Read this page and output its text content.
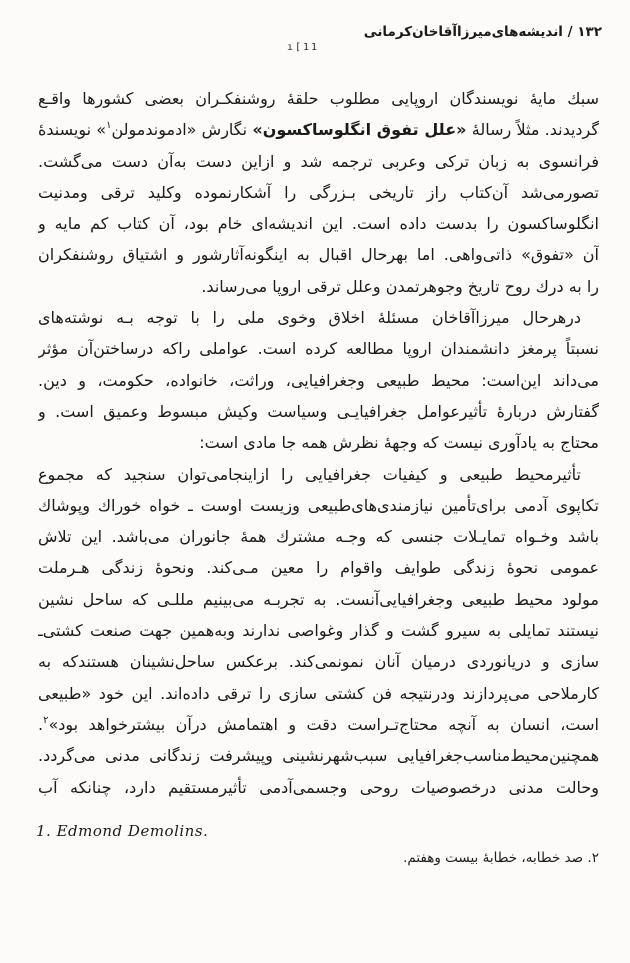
۱۳۲ / اندیشه‌های‌میرزاآقاخان‌کرمانی
ı[11
سبك مایۀ نویسندگان اروپایی مطلوب حلقۀ روشنفکـران بعضی کشورها واقـع
گردیدند. مثلاً رسالۀ «علل تفوق انگلوساکسون» نگارش «ادموندمولن$^۱$» نویسندۀ
فرانسوی به زبان ترکی وعربی ترجمه شد و ازاین دست به‌آن دست می‌گشت.
تصورمی‌شد آن‌کتاب راز تاریخی بـزرگی را آشکارنموده وکلید ترقی ومدنیت
انگلوساکسون را بدست داده است. این اندیشه‌ای خام بود، آن کتاب کم مایه و
آن «تفوق» ذاتی‌واهی. اما بهرحال اقبال به اینگونه‌آثارشور و اشتیاق روشنفکران
را به درك روح تاریخ وجوهرتمدن وعلل ترقی اروپا می‌رساند.
درهرحال میرزاآقاخان مسئلۀ اخلاق وخوی ملی را با توجه بـه نوشته‌های
نسبتاً پرمغز دانشمندان اروپا مطالعه کرده است. عواملی راکه درساختن‌آن مؤثر
می‌داند این‌است: محیط طبیعی وجغرافیایی، وراثت، خانواده، حکومت، و دین.
گفتارش دربارۀ تأثیرعوامل جغرافیایـی وسیاست وکیش مبسوط وعمیق است. و
محتاج به یادآوری نیست که وجهۀ نظرش همه جا مادی است:
تأثیرمحیط طبیعی و کیفیات جغرافیایی را ازاینجامی‌توان سنجید که مجموع
تکاپوی آدمی برای‌تأمین نیازمندی‌های‌طبیعی وزیست اوست ـ خواه خوراك وپوشاك
باشد وخـواه تمایـلات جنسی که وجـه مشترك همۀ جانوران می‌باشد. این تلاش
عمومی نحوۀ زندگی طوایف واقوام را معین مـی‌کند. ونحوۀ زندگی هـرملت
مولود محیط طبیعی وجغرافیایی‌آنست. به تجربـه می‌بینیم مللـی که ساحل نشین
نیستند تمایلی به سیرو گشت و گذار وغواصی ندارند وبه‌همین جهت صنعت کشتی‌ـ
سازی و دریانوردی درمیان آنان نمونمی‌کند. برعکس ساحل‌نشینان هستندکه به
کارملاحی می‌پردازند ودرنتیجه فن کشتی سازی را ترقی داده‌اند. این خود «طبیعی
است، انسان به آنچه محتاج‌تـراست دقت و اهتمامش درآن بیشترخواهد بود»$^۲$.
همچنین‌محیط‌مناسب‌جغرافیایی سبب‌شهرنشینی وپیشرفت زندگانی مدنی می‌گردد.
وحالت مدنی درخصوصیات روحی وجسمی‌آدمی تأثیرمستقیم دارد، چنانکه آب
1. Edmond Demolins.
۲. صد خطابه، خطابۀ بیست وهفتم.
